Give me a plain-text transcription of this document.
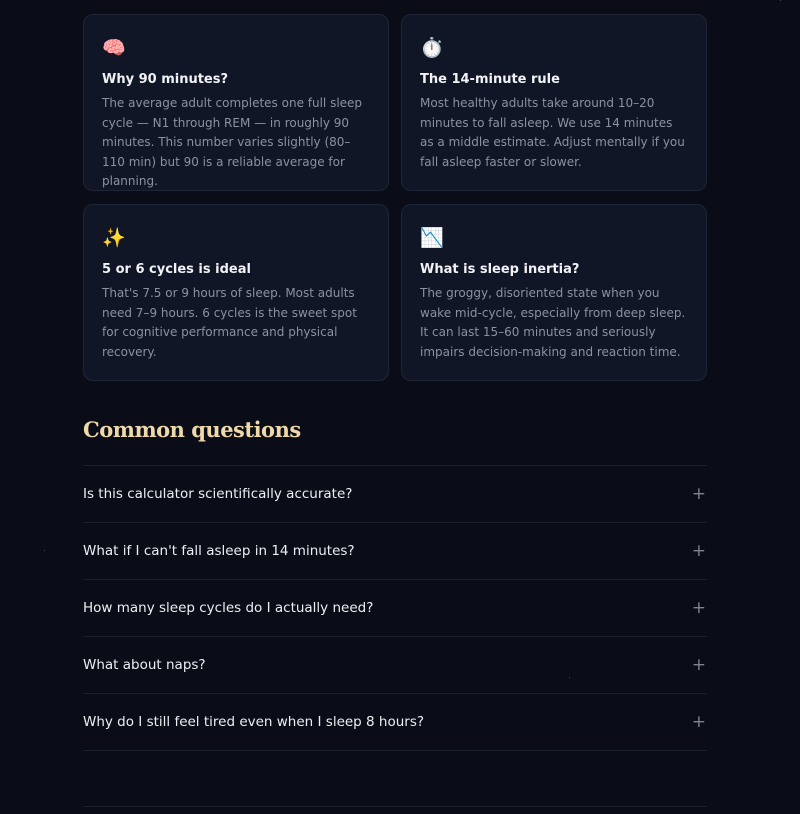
🧠
Why 90 minutes?
The average adult completes one full sleep cycle — N1 through REM — in roughly 90 minutes. This number varies slightly (80–110 min) but 90 is a reliable average for planning.
⏱️
The 14-minute rule
Most healthy adults take around 10–20 minutes to fall asleep. We use 14 minutes as a middle estimate. Adjust mentally if you fall asleep faster or slower.
✨
5 or 6 cycles is ideal
That's 7.5 or 9 hours of sleep. Most adults need 7–9 hours. 6 cycles is the sweet spot for cognitive performance and physical recovery.
📉
What is sleep inertia?
The groggy, disoriented state when you wake mid-cycle, especially from deep sleep. It can last 15–60 minutes and seriously impairs decision-making and reaction time.
Common questions
Is this calculator scientifically accurate?	+
What if I can't fall asleep in 14 minutes?	+
How many sleep cycles do I actually need?	+
What about naps?	+
Why do I still feel tired even when I sleep 8 hours?	+
